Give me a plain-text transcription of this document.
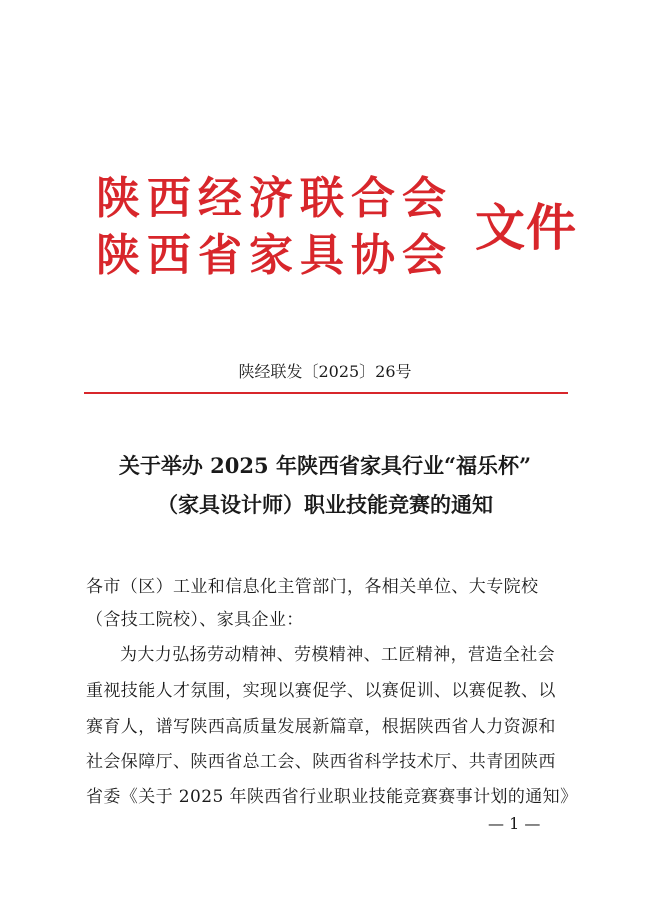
陕西经济联合会
陕西省家具协会 文件
陕经联发〔2025〕26号
关于举办 2025 年陕西省家具行业“福乐杯”
（家具设计师）职业技能竞赛的通知
各市（区）工业和信息化主管部门，各相关单位、大专院校
（含技工院校）、家具企业：
为大力弘扬劳动精神、劳模精神、工匠精神，营造全社会
重视技能人才氛围，实现以赛促学、以赛促训、以赛促教、以
赛育人，谱写陕西高质量发展新篇章，根据陕西省人力资源和
社会保障厅、陕西省总工会、陕西省科学技术厅、共青团陕西
省委《关于 2025 年陕西省行业职业技能竞赛赛事计划的通知》
— 1 —
